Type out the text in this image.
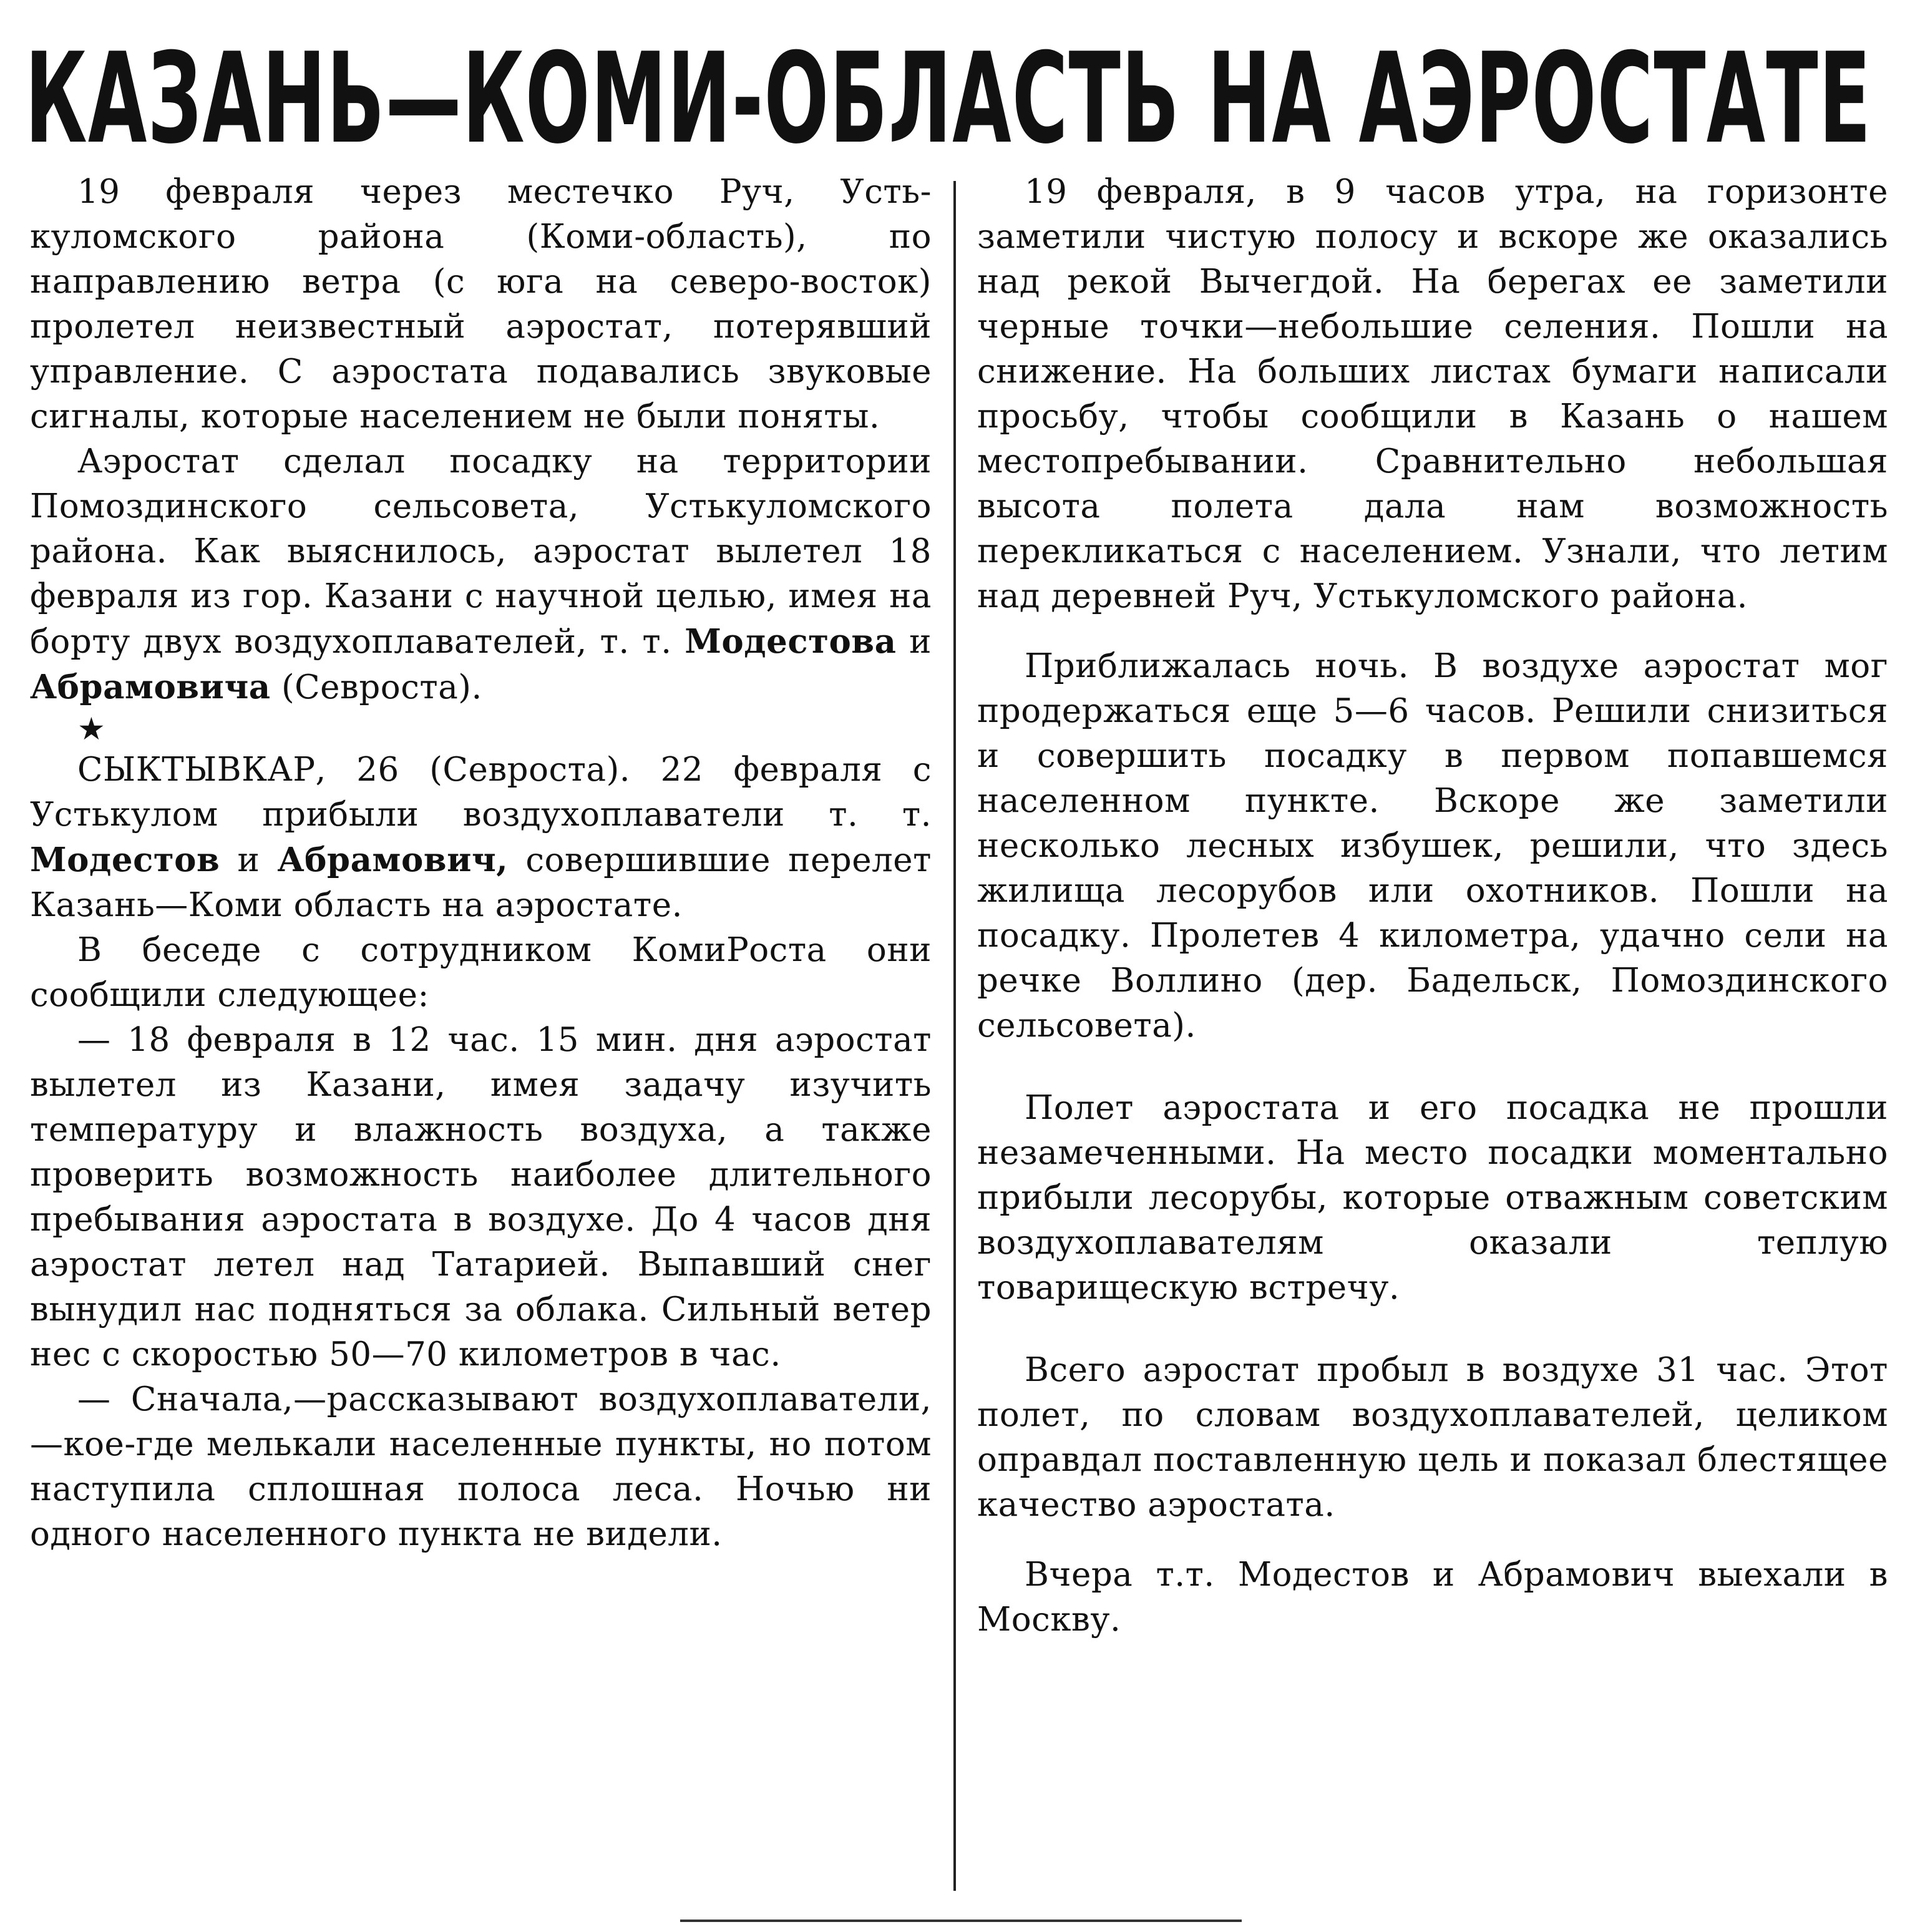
КАЗАНЬ—КОМИ-ОБЛАСТЬ НА АЭРОСТАТЕ

19 февраля через местечко Руч, Усть-куломского района (Коми-область), по направлению ветра (с юга на северо-восток) пролетел неизвестный аэростат, потерявший управление. С аэростата подавались звуковые сигналы, которые населением не были поняты.

Аэростат сделал посадку на территории Помоздинского сельсовета, Устькуломского района. Как выяснилось, аэростат вылетел 18 февраля из гор. Казани с научной целью, имея на борту двух воздухоплавателей, т. т. Модестова и Абрамовича (Севроста).

★

СЫКТЫВКАР, 26 (Севроста). 22 февраля с Устькулом прибыли воздухоплаватели т. т. Модестов и Абрамович, совершившие перелет Казань—Коми область на аэростате.

В беседе с сотрудником КомиРоста они сообщили следующее:

— 18 февраля в 12 час. 15 мин. дня аэростат вылетел из Казани, имея задачу изучить температуру и влажность воздуха, а также проверить возможность наиболее длительного пребывания аэростата в воздухе. До 4 часов дня аэростат летел над Татарией. Выпавший снег вынудил нас подняться за облака. Сильный ветер нес с скоростью 50—70 километров в час.

— Сначала,—рассказывают воздухоплаватели,—кое-где мелькали населенные пункты, но потом наступила сплошная полоса леса. Ночью ни одного населенного пункта не видели.

19 февраля, в 9 часов утра, на горизонте заметили чистую полосу и вскоре же оказались над рекой Вычегдой. На берегах ее заметили черные точки—небольшие селения. Пошли на снижение. На больших листах бумаги написали просьбу, чтобы сообщили в Казань о нашем местопребывании. Сравнительно небольшая высота полета дала нам возможность перекликаться с населением. Узнали, что летим над деревней Руч, Устькуломского района.

Приближалась ночь. В воздухе аэростат мог продержаться еще 5—6 часов. Решили снизиться и совершить посадку в первом попавшемся населенном пункте. Вскоре же заметили несколько лесных избушек, решили, что здесь жилища лесорубов или охотников. Пошли на посадку. Пролетев 4 километра, удачно сели на речке Воллино (дер. Бадельск, Помоздинского сельсовета).

Полет аэростата и его посадка не прошли незамеченными. На место посадки моментально прибыли лесорубы, которые отважным советским воздухоплавателям оказали теплую товарищескую встречу.

Всего аэростат пробыл в воздухе 31 час. Этот полет, по словам воздухоплавателей, целиком оправдал поставленную цель и показал блестящее качество аэростата.

Вчера т.т. Модестов и Абрамович выехали в Москву.
